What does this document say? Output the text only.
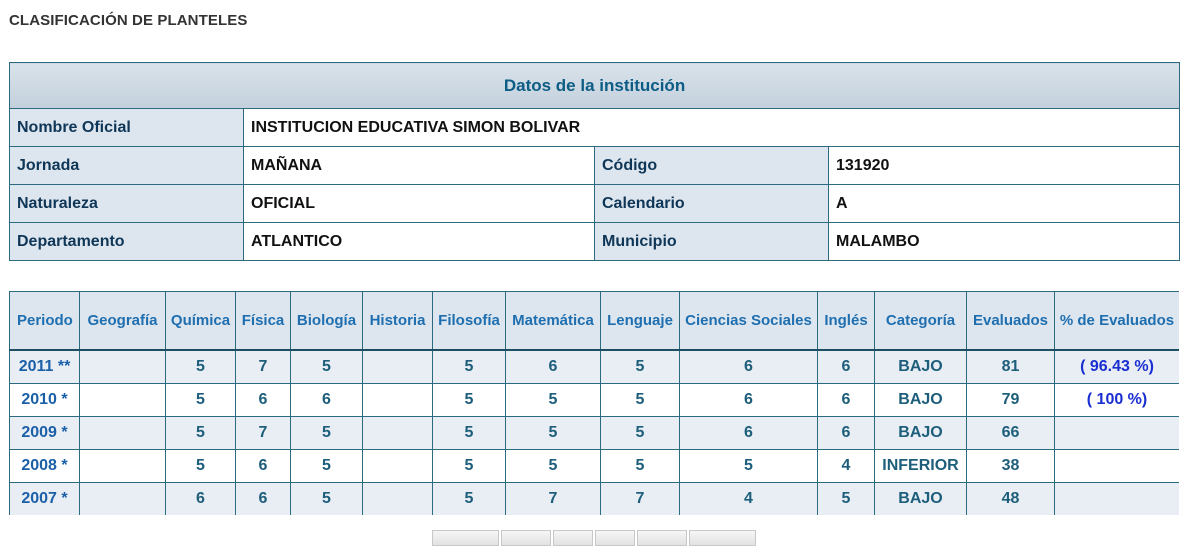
CLASIFICACIÓN DE PLANTELES
Datos de la institución			
Nombre Oficial	INSTITUCION EDUCATIVA SIMON BOLIVAR		
Jornada	MAÑANA	Código	131920
Naturaleza	OFICIAL	Calendario	A
Departamento	ATLANTICO	Municipio	MALAMBO
Periodo	Geografía	Química	Física	Biología	Historia	Filosofía	Matemática	Lenguaje	Ciencias Sociales	Inglés	Categoría	Evaluados	% de Evaluados
2011 **		5	7	5		5	6	5	6	6	BAJO	81	( 96.43 %)
2010 *		5	6	6		5	5	5	6	6	BAJO	79	( 100 %)
2009 *		5	7	5		5	5	5	6	6	BAJO	66	
2008 *		5	6	5		5	5	5	5	4	INFERIOR	38	
2007 *		6	6	5		5	7	7	4	5	BAJO	48	
